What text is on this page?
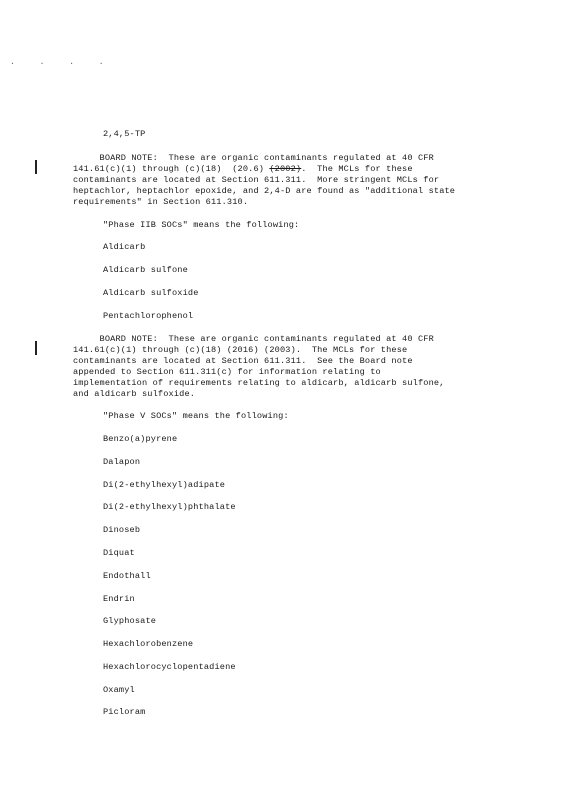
. . . .
2,4,5-TP
BOARD NOTE:  These are organic contaminants regulated at 40 CFR
141.61(c)(1) through (c)(18)  (20.6) (2002).  The MCLs for these
contaminants are located at Section 611.311.  More stringent MCLs for
heptachlor, heptachlor epoxide, and 2,4-D are found as "additional state
requirements" in Section 611.310.
"Phase IIB SOCs" means the following:
Aldicarb
Aldicarb sulfone
Aldicarb sulfoxide
Pentachlorophenol
BOARD NOTE:  These are organic contaminants regulated at 40 CFR
141.61(c)(1) through (c)(18) (2016) (2003).  The MCLs for these
contaminants are located at Section 611.311.  See the Board note
appended to Section 611.311(c) for information relating to
implementation of requirements relating to aldicarb, aldicarb sulfone,
and aldicarb sulfoxide.
"Phase V SOCs" means the following:
Benzo(a)pyrene
Dalapon
Di(2-ethylhexyl)adipate
Di(2-ethylhexyl)phthalate
Dinoseb
Diquat
Endothall
Endrin
Glyphosate
Hexachlorobenzene
Hexachlorocyclopentadiene
Oxamyl
Picloram
